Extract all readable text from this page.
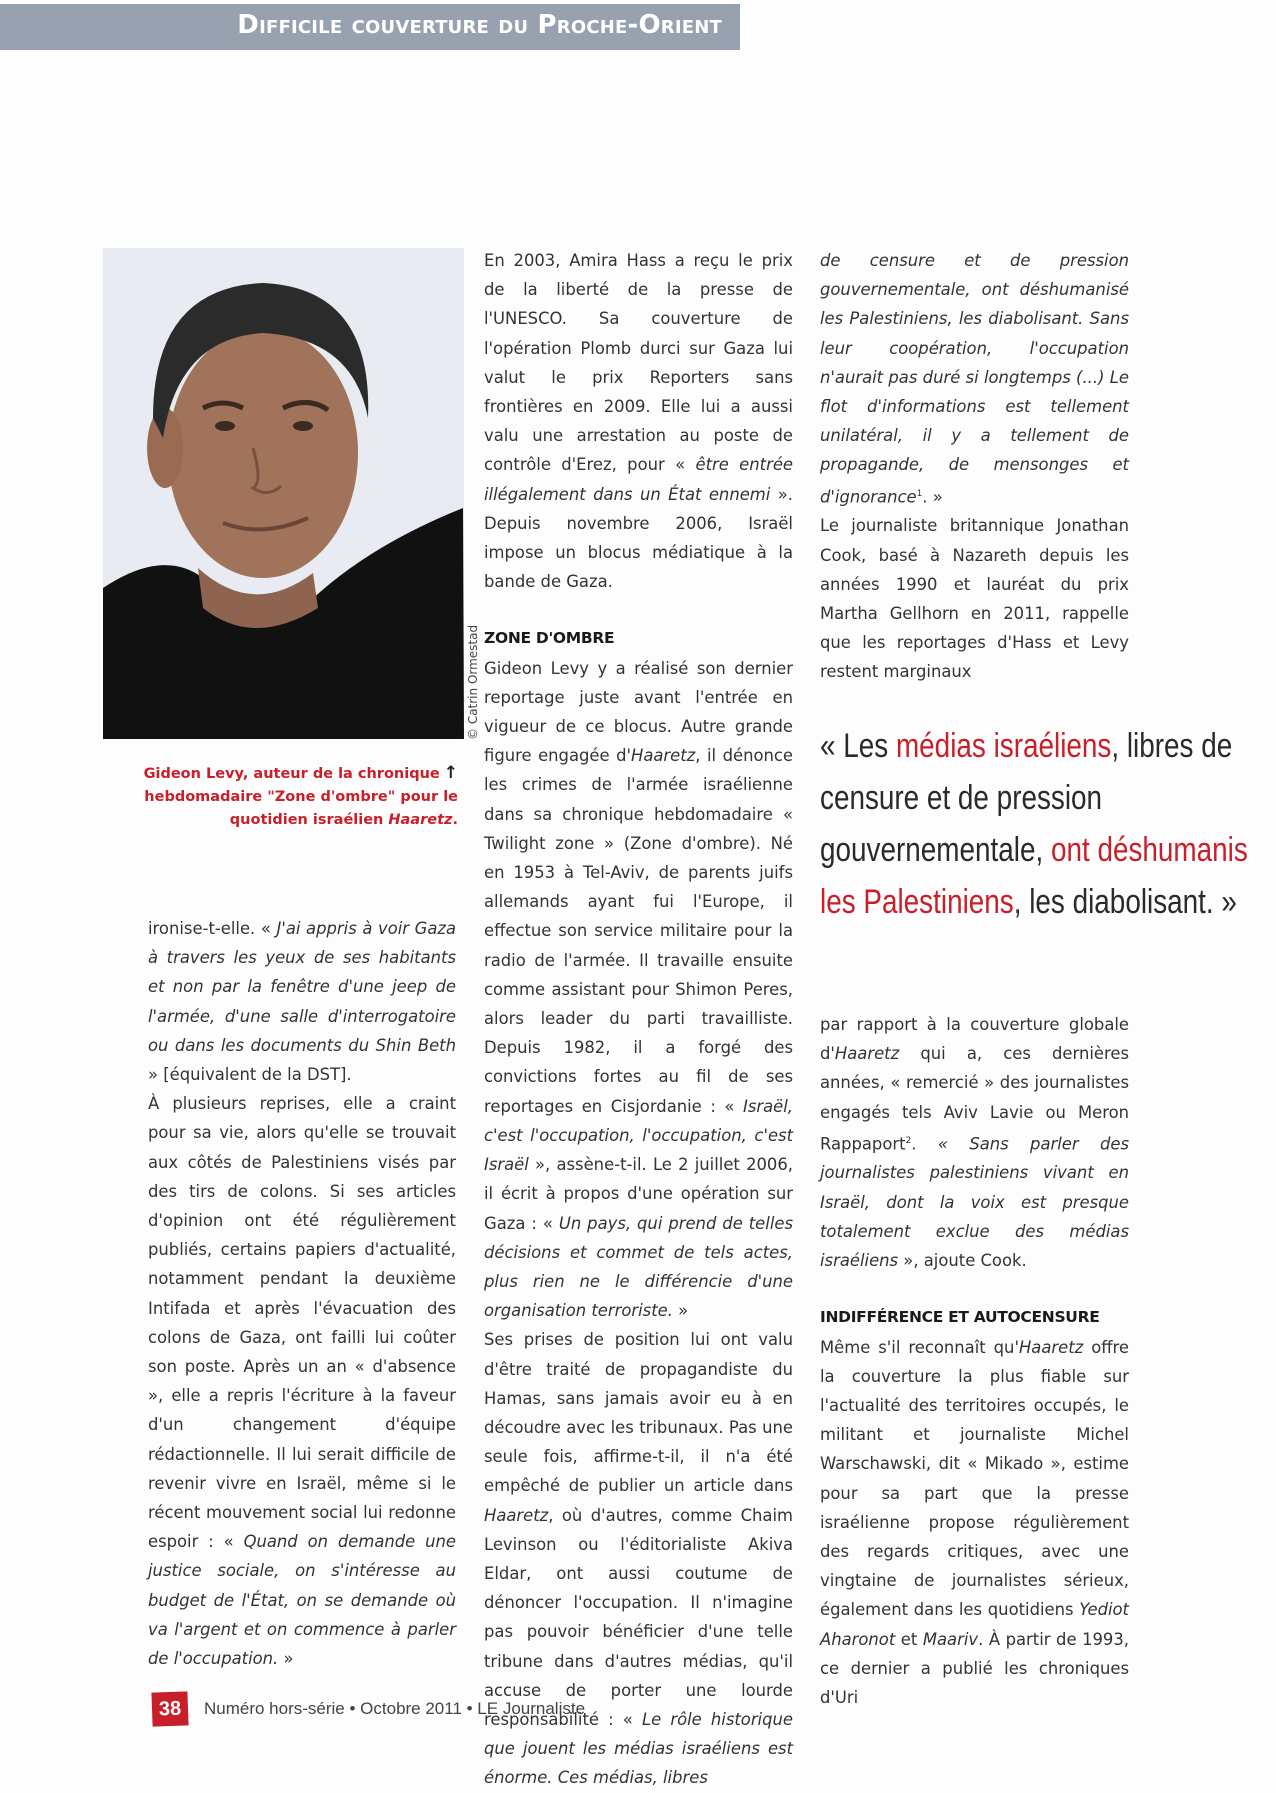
Difficile couverture du Proche-Orient
© Catrin Ormestad
Gideon Levy, auteur de la chronique ↑
hebdomadaire "Zone d'ombre" pour le
quotidien israélien Haaretz.

En 2003, Amira Hass a reçu le prix de la liberté de la presse de l'UNESCO. Sa couverture de l'opération Plomb durci sur Gaza lui valut le prix Reporters sans frontières en 2009. Elle lui a aussi valu une arrestation au poste de contrôle d'Erez, pour « être entrée illégalement dans un État ennemi ». Depuis novembre 2006, Israël impose un blocus médiatique à la bande de Gaza.

ZONE D'OMBRE

Gideon Levy y a réalisé son dernier reportage juste avant l'entrée en vigueur de ce blocus. Autre grande figure engagée d'Haaretz, il dénonce les crimes de l'armée israélienne dans sa chronique hebdomadaire « Twilight zone » (Zone d'ombre). Né en 1953 à Tel-Aviv, de parents juifs allemands ayant fui l'Europe, il effectue son service militaire pour la radio de l'armée. Il travaille ensuite comme assistant pour Shimon Peres, alors leader du parti travailliste. Depuis 1982, il a forgé des convictions fortes au fil de ses reportages en Cisjordanie : « Israël, c'est l'occupation, l'occupation, c'est Israël », assène-t-il. Le 2 juillet 2006, il écrit à propos d'une opération sur Gaza : « Un pays, qui prend de telles décisions et commet de tels actes, plus rien ne le différencie d'une organisation terroriste. »

Ses prises de position lui ont valu d'être traité de propagandiste du Hamas, sans jamais avoir eu à en découdre avec les tribunaux. Pas une seule fois, affirme-t-il, il n'a été empêché de publier un article dans Haaretz, où d'autres, comme Chaim Levinson ou l'éditorialiste Akiva Eldar, ont aussi coutume de dénoncer l'occupation. Il n'imagine pas pouvoir bénéficier d'une telle tribune dans d'autres médias, qu'il accuse de porter une lourde responsabilité : « Le rôle historique que jouent les médias israéliens est énorme. Ces médias, libres

de censure et de pression gouvernementale, ont déshumanisé les Palestiniens, les diabolisant. Sans leur coopération, l'occupation n'aurait pas duré si longtemps (...) Le flot d'informations est tellement unilatéral, il y a tellement de propagande, de mensonges et d'ignorance$^1$. »

Le journaliste britannique Jonathan Cook, basé à Nazareth depuis les années 1990 et lauréat du prix Martha Gellhorn en 2011, rappelle que les reportages d'Hass et Levy restent marginaux

« Les médias israéliens, libres de censure et de pression gouvernementale, ont déshumanis les Palestiniens, les diabolisant. »

par rapport à la couverture globale d'Haaretz qui a, ces dernières années, « remercié » des journalistes engagés tels Aviv Lavie ou Meron Rappaport$^2$. « Sans parler des journalistes palestiniens vivant en Israël, dont la voix est presque totalement exclue des médias israéliens », ajoute Cook.

INDIFFÉRENCE ET AUTOCENSURE

Même s'il reconnaît qu'Haaretz offre la couverture la plus fiable sur l'actualité des territoires occupés, le militant et journaliste Michel Warschawski, dit « Mikado », estime pour sa part que la presse israélienne propose régulièrement des regards critiques, avec une vingtaine de journalistes sérieux, également dans les quotidiens Yediot Aharonot et Maariv. À partir de 1993, ce dernier a publié les chroniques d'Uri

ironise-t-elle. « J'ai appris à voir Gaza à travers les yeux de ses habitants et non par la fenêtre d'une jeep de l'armée, d'une salle d'interrogatoire ou dans les documents du Shin Beth » [équivalent de la DST].

À plusieurs reprises, elle a craint pour sa vie, alors qu'elle se trouvait aux côtés de Palestiniens visés par des tirs de colons. Si ses articles d'opinion ont été régulièrement publiés, certains papiers d'actualité, notamment pendant la deuxième Intifada et après l'évacuation des colons de Gaza, ont failli lui coûter son poste. Après un an « d'absence », elle a repris l'écriture à la faveur d'un changement d'équipe rédactionnelle. Il lui serait difficile de revenir vivre en Israël, même si le récent mouvement social lui redonne espoir : « Quand on demande une justice sociale, on s'intéresse au budget de l'État, on se demande où va l'argent et on commence à parler de l'occupation. »

38	Numéro hors-série • Octobre 2011 • LE Journaliste
